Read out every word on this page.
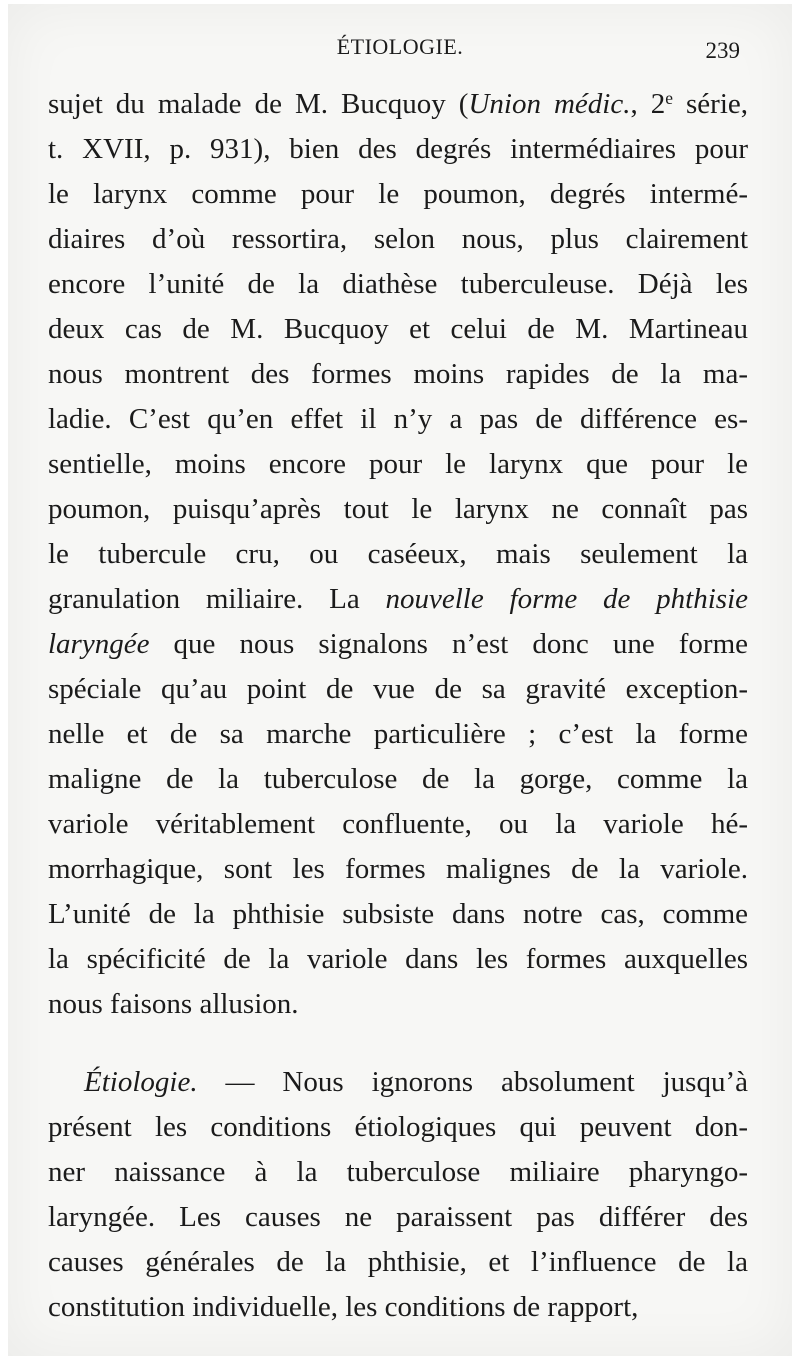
ÉTIOLOGIE.	239
sujet du malade de M. Bucquoy (Union médic., 2e série,
t. XVII, p. 931), bien des degrés intermédiaires pour
le larynx comme pour le poumon, degrés intermé-
diaires d’où ressortira, selon nous, plus clairement
encore l’unité de la diathèse tuberculeuse. Déjà les
deux cas de M. Bucquoy et celui de M. Martineau
nous montrent des formes moins rapides de la ma-
ladie. C’est qu’en effet il n’y a pas de différence es-
sentielle, moins encore pour le larynx que pour le
poumon, puisqu’après tout le larynx ne connaît pas
le tubercule cru, ou caséeux, mais seulement la
granulation miliaire. La nouvelle forme de phthisie
laryngée que nous signalons n’est donc une forme
spéciale qu’au point de vue de sa gravité exception-
nelle et de sa marche particulière ; c’est la forme
maligne de la tuberculose de la gorge, comme la
variole véritablement confluente, ou la variole hé-
morrhagique, sont les formes malignes de la variole.
L’unité de la phthisie subsiste dans notre cas, comme
la spécificité de la variole dans les formes auxquelles
nous faisons allusion.
Étiologie. — Nous ignorons absolument jusqu’à
présent les conditions étiologiques qui peuvent don-
ner naissance à la tuberculose miliaire pharyngo-
laryngée. Les causes ne paraissent pas différer des
causes générales de la phthisie, et l’influence de la
constitution individuelle, les conditions de rapport,
